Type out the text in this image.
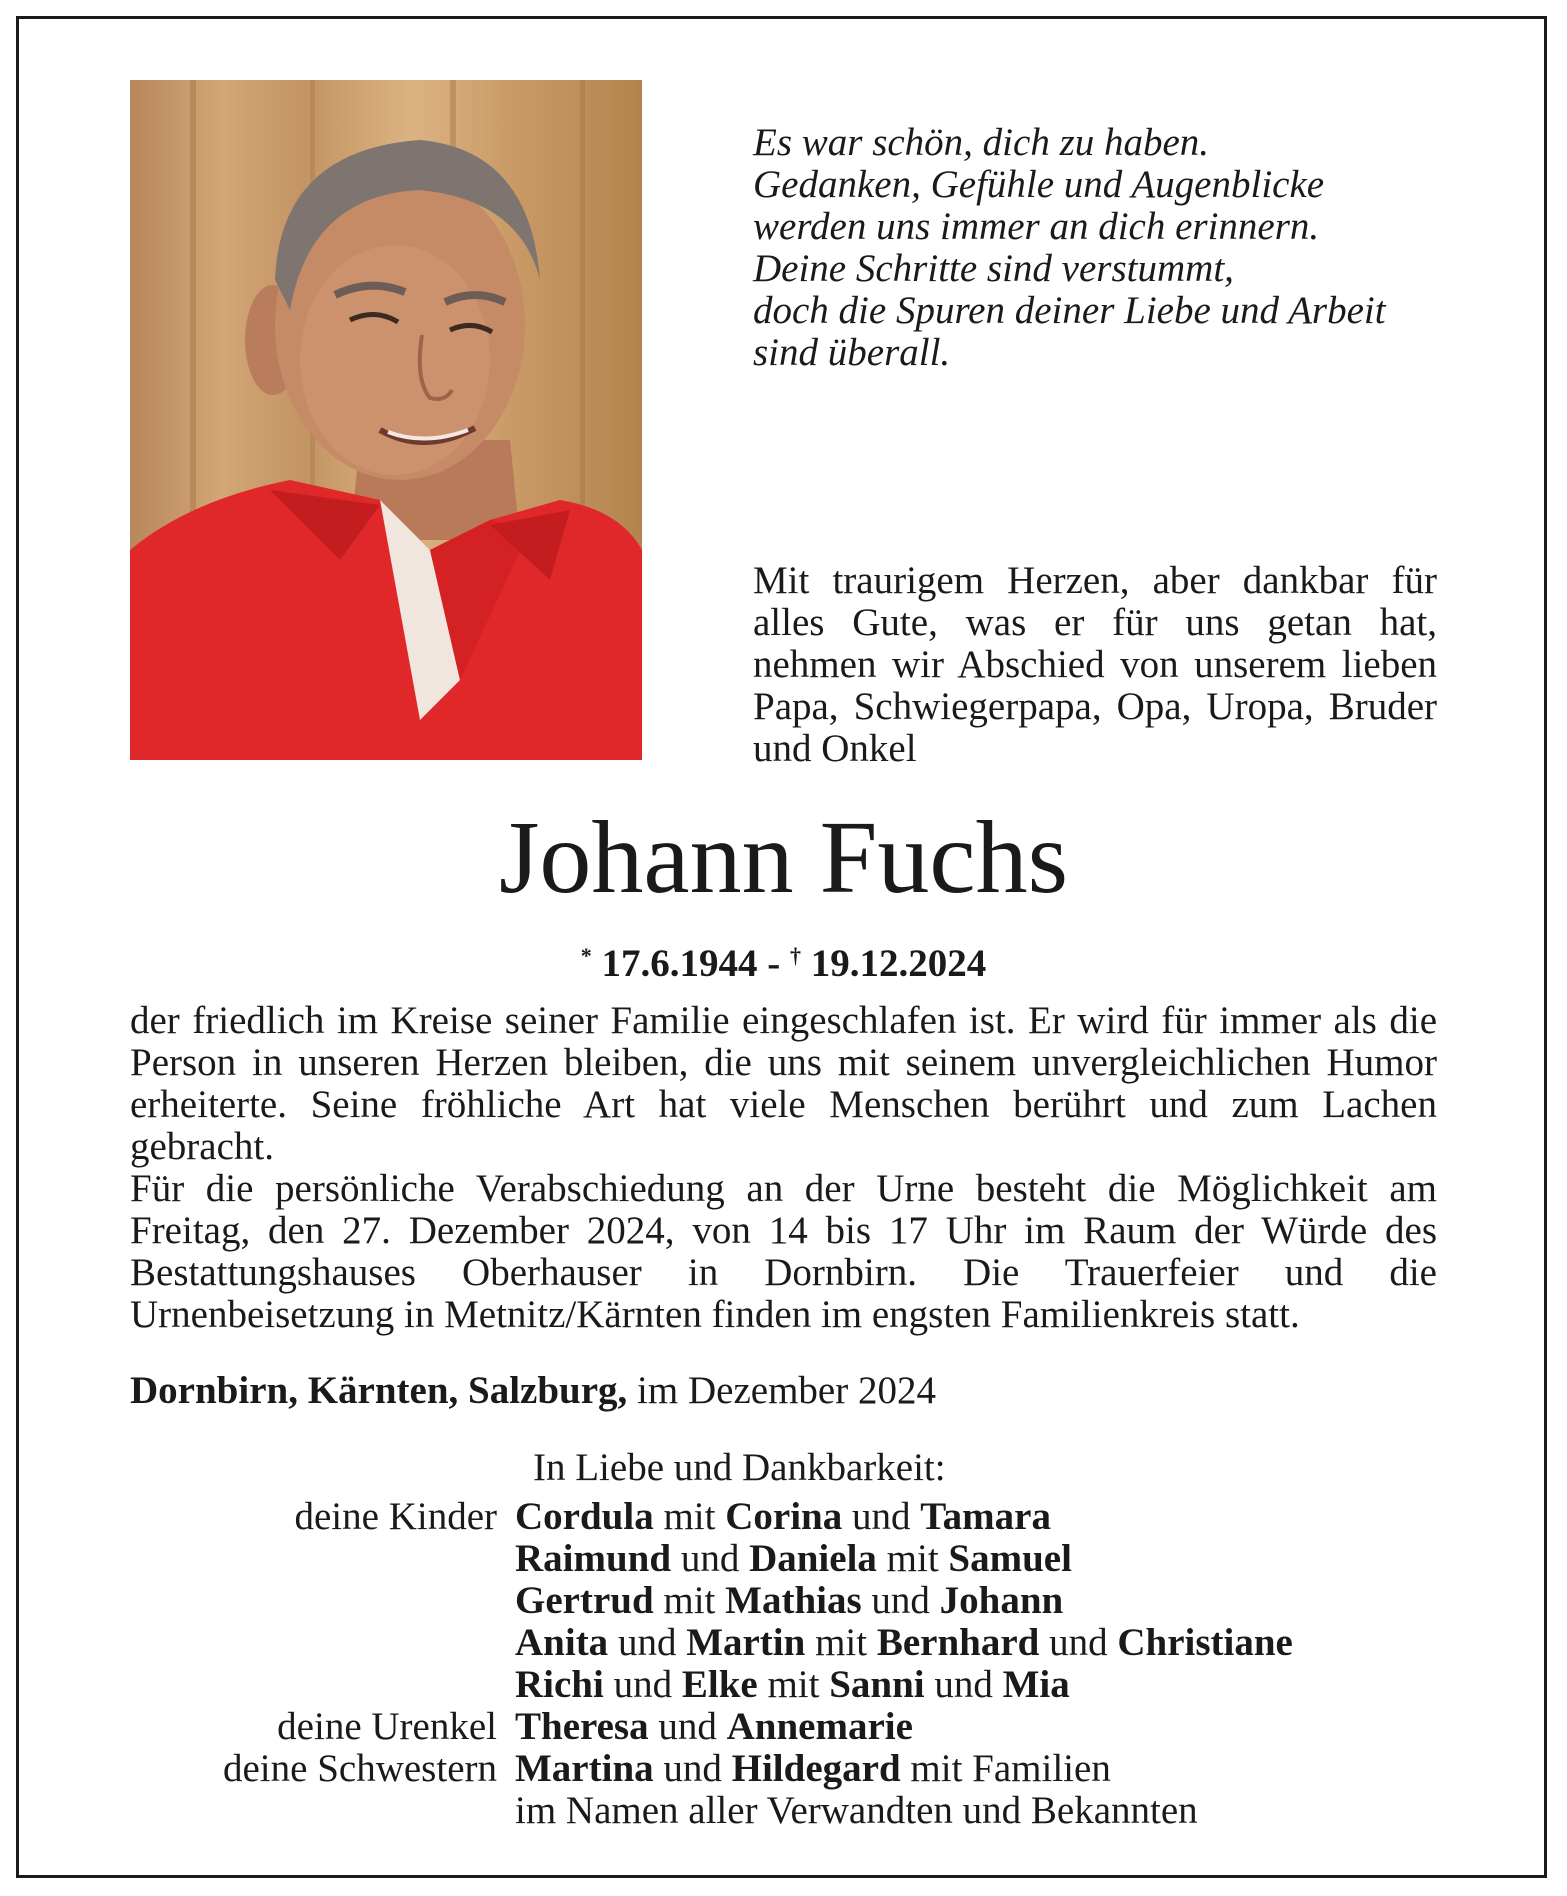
Es war schön, dich zu haben.
Gedanken, Gefühle und Augenblicke
werden uns immer an dich erinnern.
Deine Schritte sind verstummt,
doch die Spuren deiner Liebe und Arbeit
sind überall.
Mit traurigem Herzen, aber dankbar für alles Gute, was er für uns getan hat, nehmen wir Abschied von unserem lieben Papa, Schwiegerpapa, Opa, Uropa, Bruder und Onkel
Johann Fuchs
* 17.6.1944 - † 19.12.2024

der friedlich im Kreise seiner Familie eingeschlafen ist. Er wird für immer als die Person in unseren Herzen bleiben, die uns mit seinem unvergleichlichen Humor erheiterte. Seine fröhliche Art hat viele Menschen berührt und zum Lachen gebracht.

Für die persönliche Verabschiedung an der Urne besteht die Möglichkeit am Freitag, den 27. Dezember 2024, von 14 bis 17 Uhr im Raum der Würde des Bestattungshauses Oberhauser in Dornbirn. Die Trauerfeier und die Urnenbeisetzung in Metnitz/Kärnten finden im engsten Familienkreis statt.

Dornbirn, Kärnten, Salzburg, im Dezember 2024
In Liebe und Dankbarkeit:
deine Kinder Cordula mit Corina und Tamara
Raimund und Daniela mit Samuel
Gertrud mit Mathias und Johann
Anita und Martin mit Bernhard und Christiane
Richi und Elke mit Sanni und Mia
deine Urenkel Theresa und Annemarie
deine Schwestern Martina und Hildegard mit Familien
im Namen aller Verwandten und Bekannten
